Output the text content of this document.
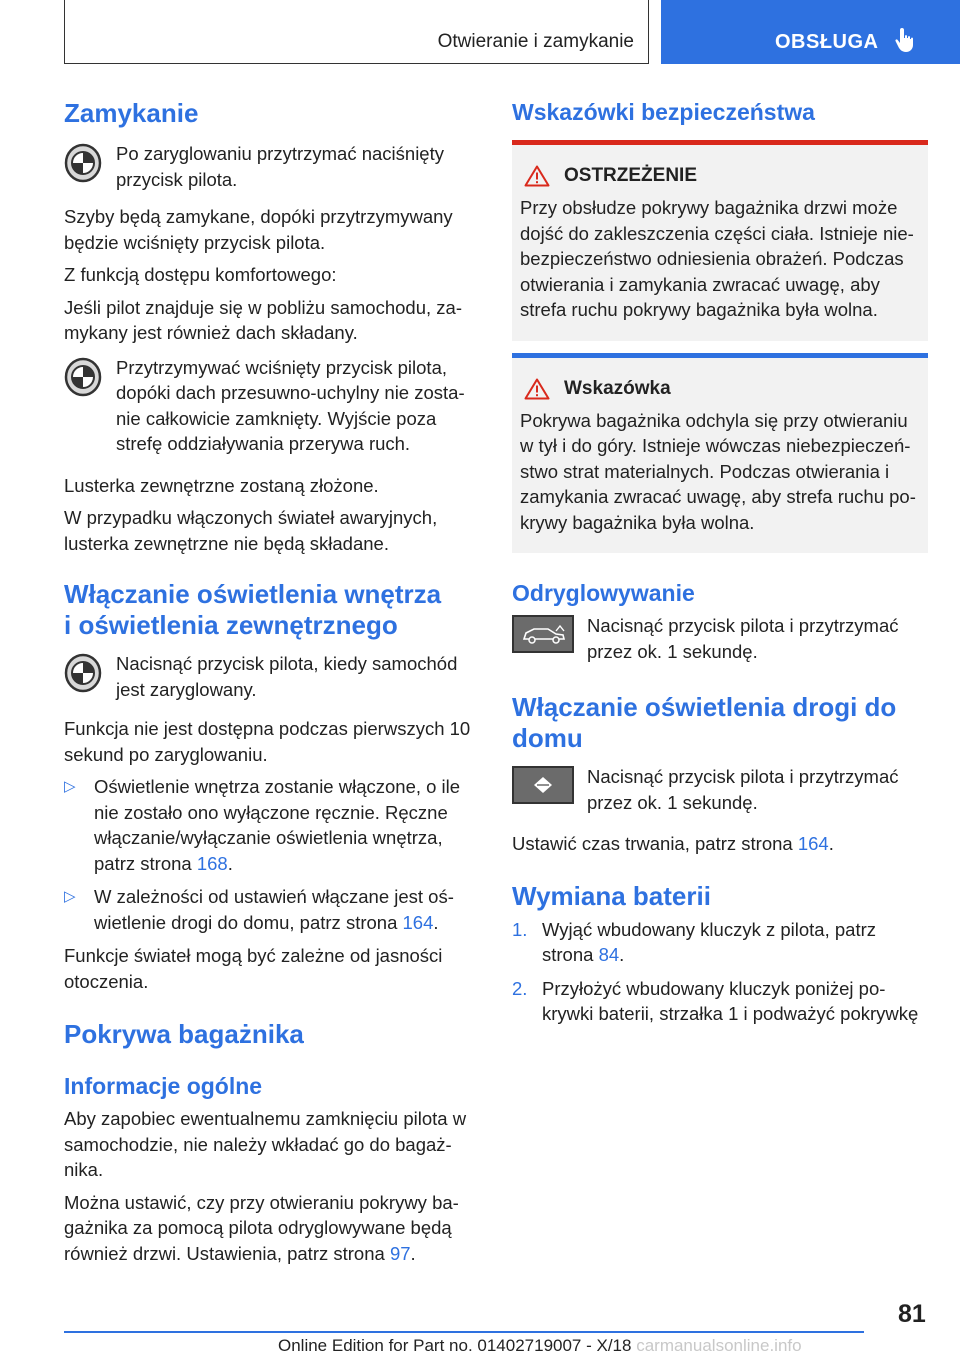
Otwieranie i zamykanie	OBSŁUGA
Zamykanie

Po zaryglowaniu przytrzymać naciśnięty przycisk pilota.

Szyby będą zamykane, dopóki przytrzymywany będzie wciśnięty przycisk pilota.

Z funkcją dostępu komfortowego:

Jeśli pilot znajduje się w pobliżu samochodu, zamykany jest również dach składany.

Przytrzymywać wciśnięty przycisk pilota, dopóki dach przesuwno-uchylny nie zostanie całkowicie zamknięty. Wyjście poza strefę oddziaływania przerywa ruch.

Lusterka zewnętrzne zostaną złożone.

W przypadku włączonych świateł awaryjnych, lusterka zewnętrzne nie będą składane.

Włączanie oświetlenia wnętrza
i oświetlenia zewnętrznego

Nacisnąć przycisk pilota, kiedy samochód jest zaryglowany.

Funkcja nie jest dostępna podczas pierwszych 10 sekund po zaryglowaniu.

▷ Oświetlenie wnętrza zostanie włączone, o ile nie zostało ono wyłączone ręcznie. Ręczne włączanie/wyłączanie oświetlenia wnętrza, patrz strona 168.
▷ W zależności od ustawień włączane jest oświetlenie drogi do domu, patrz strona 164.

Funkcje świateł mogą być zależne od jasności otoczenia.

Pokrywa bagażnika
Informacje ogólne

Aby zapobiec ewentualnemu zamknięciu pilota w samochodzie, nie należy wkładać go do bagażnika.

Można ustawić, czy przy otwieraniu pokrywy bagażnika za pomocą pilota odryglowywane będą również drzwi. Ustawienia, patrz strona 97.

Wskazówki bezpieczeństwa
OSTRZEŻENIE

Przy obsłudze pokrywy bagażnika drzwi może dojść do zakleszczenia części ciała. Istnieje niebezpieczeństwo odniesienia obrażeń. Podczas otwierania i zamykania zwracać uwagę, aby strefa ruchu pokrywy bagażnika była wolna.

Wskazówka

Pokrywa bagażnika odchyla się przy otwieraniu w tył i do góry. Istnieje wówczas niebezpieczeństwo strat materialnych. Podczas otwierania i zamykania zwracać uwagę, aby strefa ruchu pokrywy bagażnika była wolna.

Odryglowywanie

Nacisnąć przycisk pilota i przytrzymać przez ok. 1 sekundę.

Włączanie oświetlenia drogi do
domu

Nacisnąć przycisk pilota i przytrzymać przez ok. 1 sekundę.

Ustawić czas trwania, patrz strona 164.

Wymiana baterii
1. Wyjąć wbudowany kluczyk z pilota, patrz strona 84.
2. Przyłożyć wbudowany kluczyk poniżej pokrywki baterii, strzałka 1 i podważyć pokrywkę
81
Online Edition for Part no. 01402719007 - X/18 carmanualsonline.info
